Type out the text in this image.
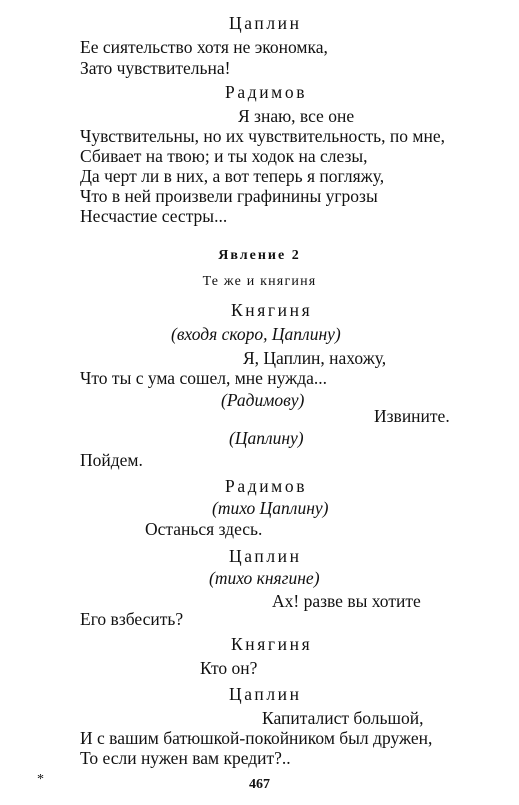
Цаплин
Ее сиятельство хотя не экономка,
Зато чувствительна!
Радимов
Я знаю, все оне
Чувствительны, но их чувствительность, по мне,
Сбивает на твою; и ты ходок на слезы,
Да черт ли в них, а вот теперь я погляжу,
Что в ней произвели графинины угрозы
Несчастие сестры...
Явление 2
Те же и княгиня
Княгиня
(входя скоро, Цаплину)
Я, Цаплин, нахожу,
Что ты с ума сошел, мне нужда...
(Радимову)
Извините.
(Цаплину)
Пойдем.
Радимов
(тихо Цаплину)
Останься здесь.
Цаплин
(тихо княгине)
Ах! разве вы хотите
Его взбесить?
Княгиня
Кто он?
Цаплин
Капиталист большой,
И с вашим батюшкой-покойником был дружен,
То если нужен вам кредит?..
*	467
